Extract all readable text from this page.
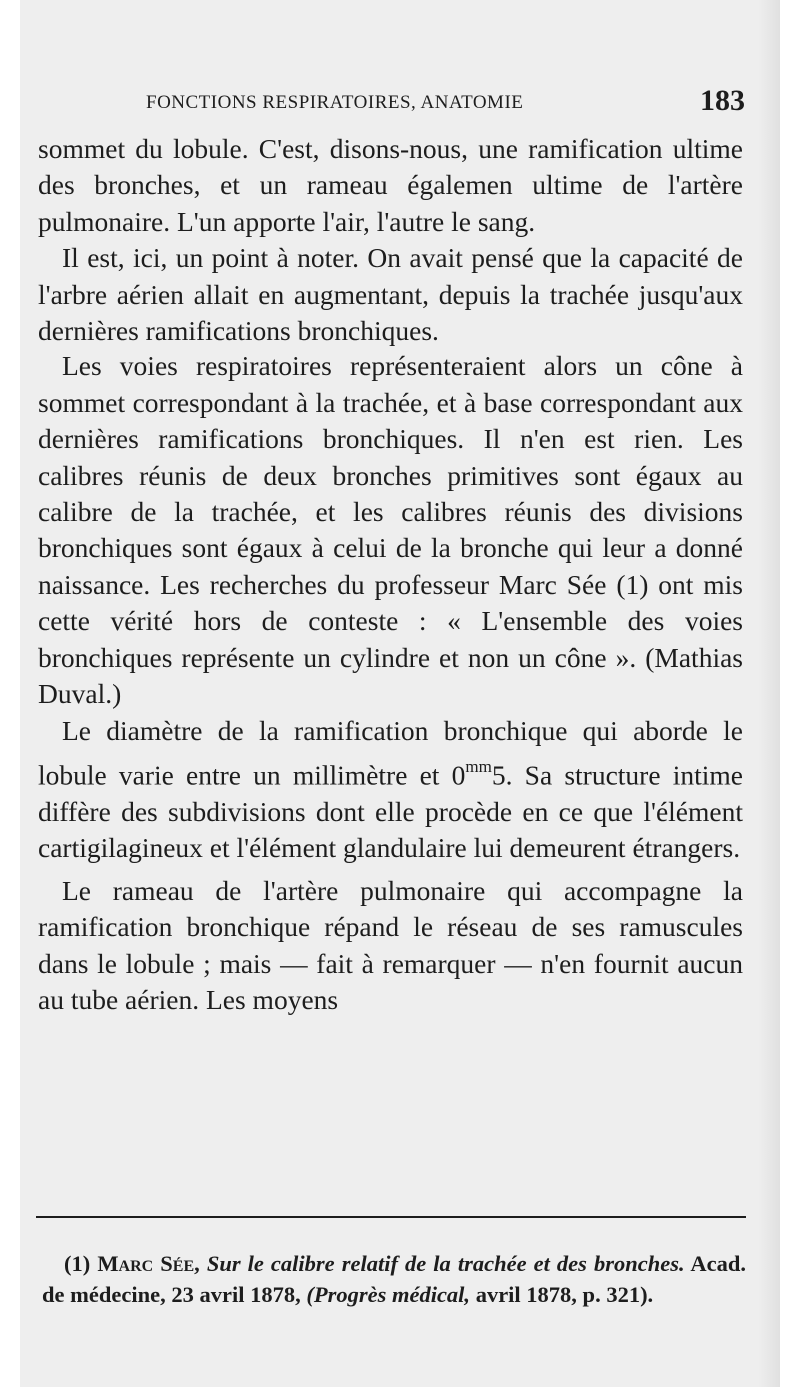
FONCTIONS RESPIRATOIRES, ANATOMIE	183

sommet du lobule. C'est, disons-nous, une ramification ultime des bronches, et un rameau égalemen ultime de l'artère pulmonaire. L'un apporte l'air, l'autre le sang.

Il est, ici, un point à noter. On avait pensé que la capacité de l'arbre aérien allait en augmentant, depuis la trachée jusqu'aux dernières ramifications bronchiques.

Les voies respiratoires représenteraient alors un cône à sommet correspondant à la trachée, et à base correspondant aux dernières ramifications bronchiques. Il n'en est rien. Les calibres réunis de deux bronches primitives sont égaux au calibre de la trachée, et les calibres réunis des divisions bronchiques sont égaux à celui de la bronche qui leur a donné naissance. Les recherches du professeur Marc Sée (1) ont mis cette vérité hors de conteste : « L'ensemble des voies bronchiques représente un cylindre et non un cône ». (Mathias Duval.)

Le diamètre de la ramification bronchique qui aborde le lobule varie entre un millimètre et $0^{mm}5$. Sa structure intime diffère des subdivisions dont elle procède en ce que l'élément cartigilagineux et l'élément glandulaire lui demeurent étrangers.

Le rameau de l'artère pulmonaire qui accompagne la ramification bronchique répand le réseau de ses ramuscules dans le lobule ; mais — fait à remarquer — n'en fournit aucun au tube aérien. Les moyens

(1) Marc Sée, Sur le calibre relatif de la trachée et des bronches. Acad. de médecine, 23 avril 1878, (Progrès médical, avril 1878, p. 321).
